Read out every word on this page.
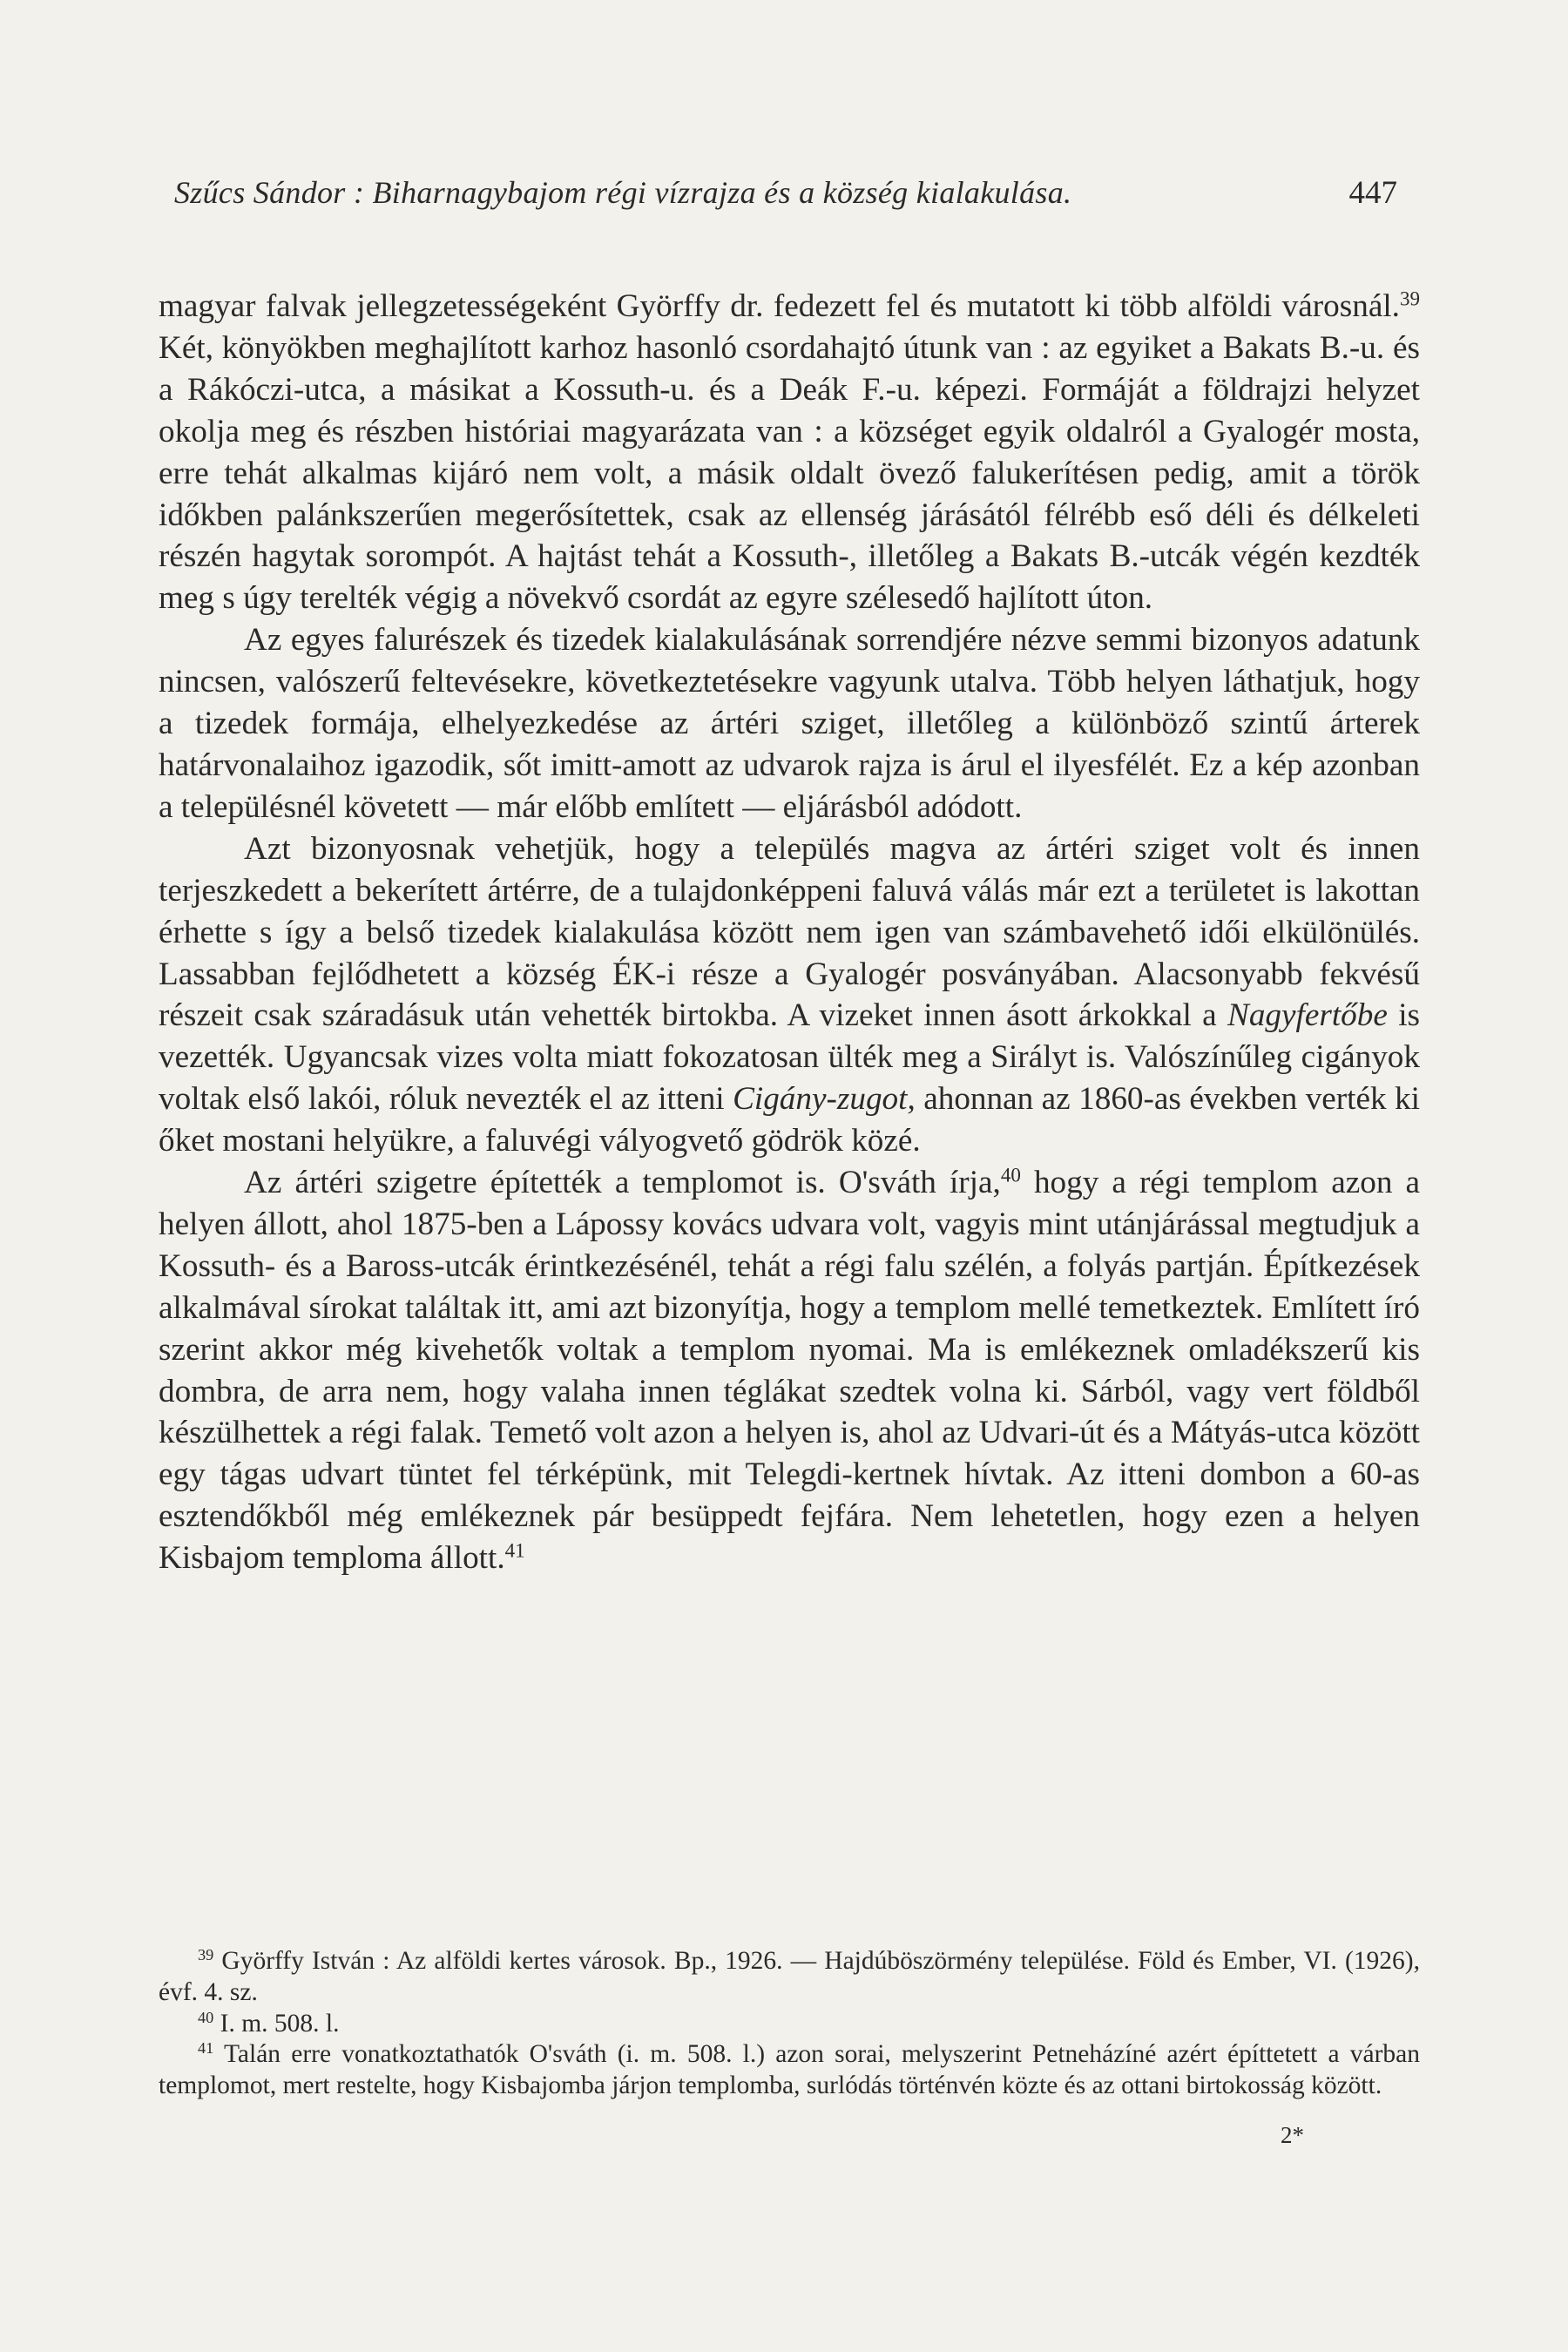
Szűcs Sándor : Biharnagybajom régi vízrajza és a község kialakulása.	447

magyar falvak jellegzetességeként Györffy dr. fedezett fel és mutatott ki több alföldi városnál.$^{39}$ Két, könyökben meghajlított karhoz hasonló csordahajtó útunk van : az egyiket a Bakats B.-u. és a Rákóczi-utca, a másikat a Kossuth-u. és a Deák F.-u. képezi. Formáját a földrajzi helyzet okolja meg és részben históriai magyarázata van : a községet egyik oldalról a Gyalogér mosta, erre tehát alkalmas kijáró nem volt, a másik oldalt övező falukerítésen pedig, amit a török időkben palánkszerűen megerősítettek, csak az ellenség járásától félrébb eső déli és délkeleti részén hagytak sorompót. A hajtást tehát a Kossuth-, illetőleg a Bakats B.-utcák végén kezdték meg s úgy terelték végig a növekvő csordát az egyre szélesedő hajlított úton.

Az egyes falurészek és tizedek kialakulásának sorrendjére nézve semmi bizonyos adatunk nincsen, valószerű feltevésekre, következtetésekre vagyunk utalva. Több helyen láthatjuk, hogy a tizedek formája, elhelyezkedése az ártéri sziget, illetőleg a különböző szintű árterek határvonalaihoz igazodik, sőt imitt-amott az udvarok rajza is árul el ilyesfélét. Ez a kép azonban a településnél követett — már előbb említett — eljárásból adódott.

Azt bizonyosnak vehetjük, hogy a település magva az ártéri sziget volt és innen terjeszkedett a bekerített ártérre, de a tulajdonképpeni faluvá válás már ezt a területet is lakottan érhette s így a belső tizedek kialakulása között nem igen van számbavehető idői elkülönülés. Lassabban fejlődhetett a község ÉK-i része a Gyalogér posványában. Alacsonyabb fekvésű részeit csak száradásuk után vehették birtokba. A vizeket innen ásott árkokkal a Nagyfertőbe is vezették. Ugyancsak vizes volta miatt fokozatosan ülték meg a Sirályt is. Valószínűleg cigányok voltak első lakói, róluk nevezték el az itteni Cigány-zugot, ahonnan az 1860-as években verték ki őket mostani helyükre, a faluvégi vályogvető gödrök közé.

Az ártéri szigetre építették a templomot is. O'sváth írja,$^{40}$ hogy a régi templom azon a helyen állott, ahol 1875-ben a Lápossy kovács udvara volt, vagyis mint utánjárással megtudjuk a Kossuth- és a Baross-utcák érintkezésénél, tehát a régi falu szélén, a folyás partján. Építkezések alkalmával sírokat találtak itt, ami azt bizonyítja, hogy a templom mellé temetkeztek. Említett író szerint akkor még kivehetők voltak a templom nyomai. Ma is emlékeznek omladékszerű kis dombra, de arra nem, hogy valaha innen téglákat szedtek volna ki. Sárból, vagy vert földből készülhettek a régi falak. Temető volt azon a helyen is, ahol az Udvari-út és a Mátyás-utca között egy tágas udvart tüntet fel térképünk, mit Telegdi-kertnek hívtak. Az itteni dombon a 60-as esztendőkből még emlékeznek pár besüppedt fejfára. Nem lehetetlen, hogy ezen a helyen Kisbajom temploma állott.$^{41}$

$^{39}$ Györffy István : Az alföldi kertes városok. Bp., 1926. — Hajdúböszörmény települése. Föld és Ember, VI. (1926), évf. 4. sz.

$^{40}$ I. m. 508. l.

$^{41}$ Talán erre vonatkoztathatók O'sváth (i. m. 508. l.) azon sorai, melyszerint Petneházíné azért építtetett a várban templomot, mert restelte, hogy Kisbajomba járjon templomba, surlódás történvén közte és az ottani birtokosság között.

2*
